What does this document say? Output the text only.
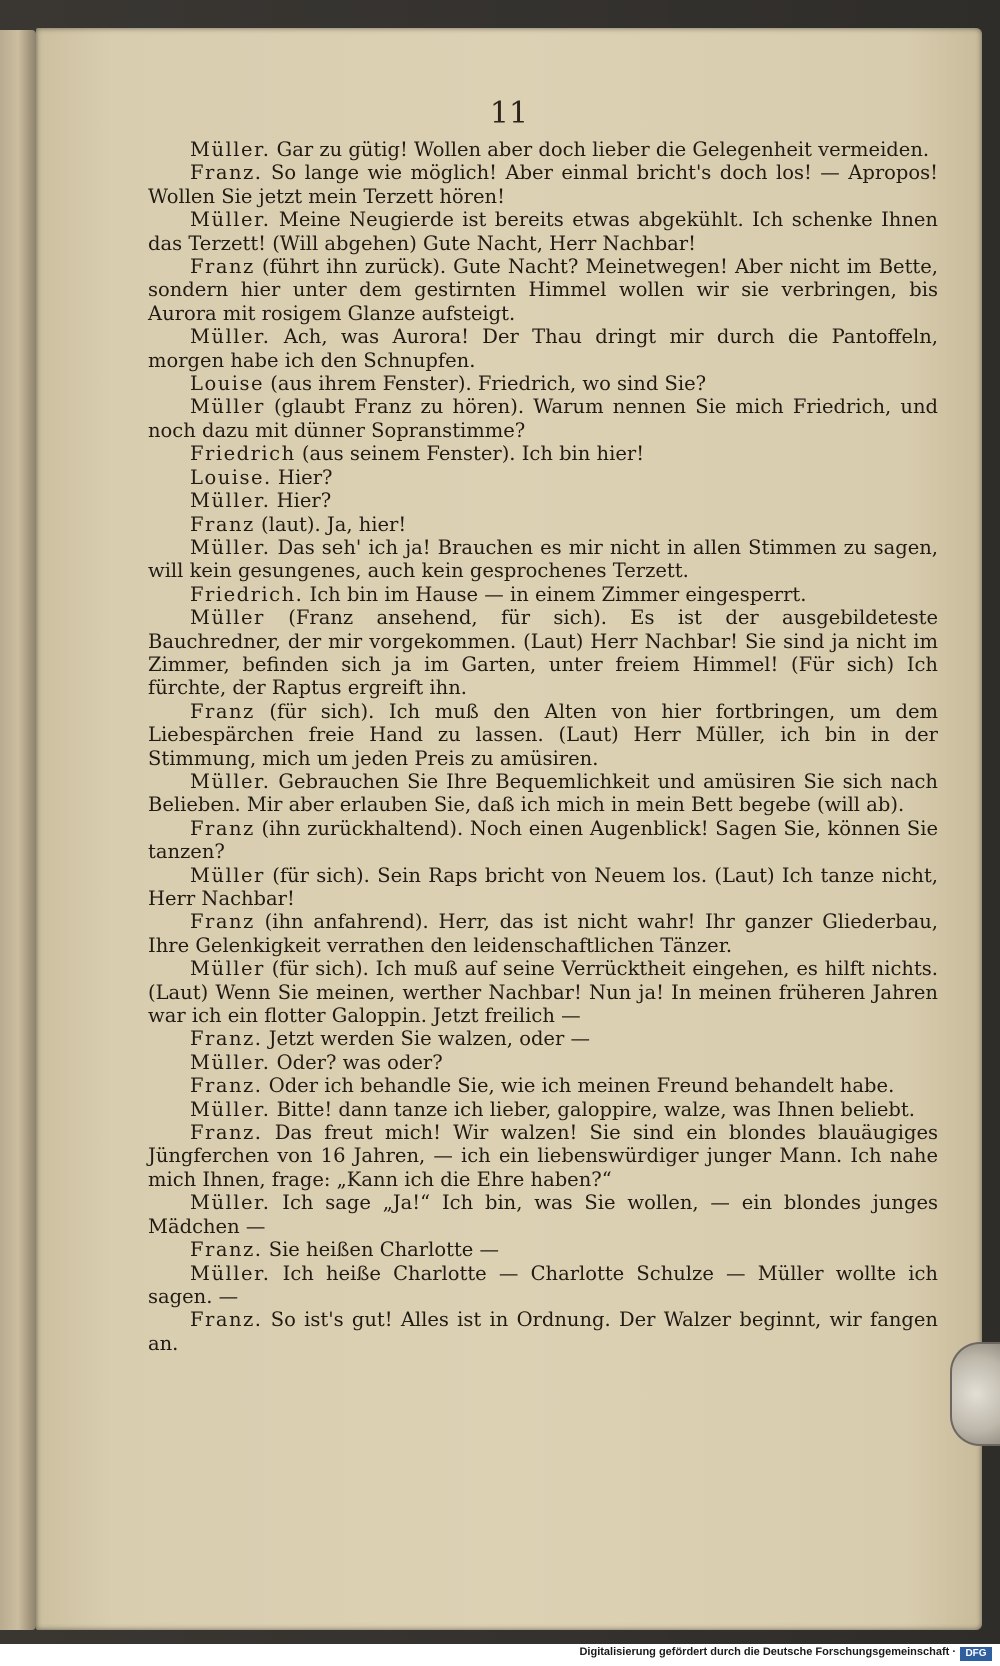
11

Müller. Gar zu gütig! Wollen aber doch lieber die Gelegenheit vermeiden.

Franz. So lange wie möglich! Aber einmal bricht's doch los! — Apropos! Wollen Sie jetzt mein Terzett hören!

Müller. Meine Neugierde ist bereits etwas abgekühlt. Ich schenke Ihnen das Terzett! (Will abgehen) Gute Nacht, Herr Nachbar!

Franz (führt ihn zurück). Gute Nacht? Meinetwegen! Aber nicht im Bette, sondern hier unter dem gestirnten Himmel wollen wir sie verbringen, bis Aurora mit rosigem Glanze aufsteigt.

Müller. Ach, was Aurora! Der Thau dringt mir durch die Pantoffeln, morgen habe ich den Schnupfen.

Louise (aus ihrem Fenster). Friedrich, wo sind Sie?

Müller (glaubt Franz zu hören). Warum nennen Sie mich Friedrich, und noch dazu mit dünner Sopranstimme?

Friedrich (aus seinem Fenster). Ich bin hier!

Louise. Hier?

Müller. Hier?

Franz (laut). Ja, hier!

Müller. Das seh' ich ja! Brauchen es mir nicht in allen Stimmen zu sagen, will kein gesungenes, auch kein gesprochenes Terzett.

Friedrich. Ich bin im Hause — in einem Zimmer eingesperrt.

Müller (Franz ansehend, für sich). Es ist der ausgebildeteste Bauchredner, der mir vorgekommen. (Laut) Herr Nachbar! Sie sind ja nicht im Zimmer, befinden sich ja im Garten, unter freiem Himmel! (Für sich) Ich fürchte, der Raptus ergreift ihn.

Franz (für sich). Ich muß den Alten von hier fortbringen, um dem Liebespärchen freie Hand zu lassen. (Laut) Herr Müller, ich bin in der Stimmung, mich um jeden Preis zu amüsiren.

Müller. Gebrauchen Sie Ihre Bequemlichkeit und amüsiren Sie sich nach Belieben. Mir aber erlauben Sie, daß ich mich in mein Bett begebe (will ab).

Franz (ihn zurückhaltend). Noch einen Augenblick! Sagen Sie, können Sie tanzen?

Müller (für sich). Sein Raps bricht von Neuem los. (Laut) Ich tanze nicht, Herr Nachbar!

Franz (ihn anfahrend). Herr, das ist nicht wahr! Ihr ganzer Gliederbau, Ihre Gelenkigkeit verrathen den leidenschaftlichen Tänzer.

Müller (für sich). Ich muß auf seine Verrücktheit eingehen, es hilft nichts. (Laut) Wenn Sie meinen, werther Nachbar! Nun ja! In meinen früheren Jahren war ich ein flotter Galoppin. Jetzt freilich —

Franz. Jetzt werden Sie walzen, oder —

Müller. Oder? was oder?

Franz. Oder ich behandle Sie, wie ich meinen Freund behandelt habe.

Müller. Bitte! dann tanze ich lieber, galoppire, walze, was Ihnen beliebt.

Franz. Das freut mich! Wir walzen! Sie sind ein blondes blauäugiges Jüngferchen von 16 Jahren, — ich ein liebenswürdiger junger Mann. Ich nahe mich Ihnen, frage: „Kann ich die Ehre haben?“

Müller. Ich sage „Ja!“ Ich bin, was Sie wollen, — ein blondes junges Mädchen —

Franz. Sie heißen Charlotte —

Müller. Ich heiße Charlotte — Charlotte Schulze — Müller wollte ich sagen. —

Franz. So ist's gut! Alles ist in Ordnung. Der Walzer beginnt, wir fangen an.

Digitalisierung gefördert durch die Deutsche Forschungsgemeinschaft · DFG
